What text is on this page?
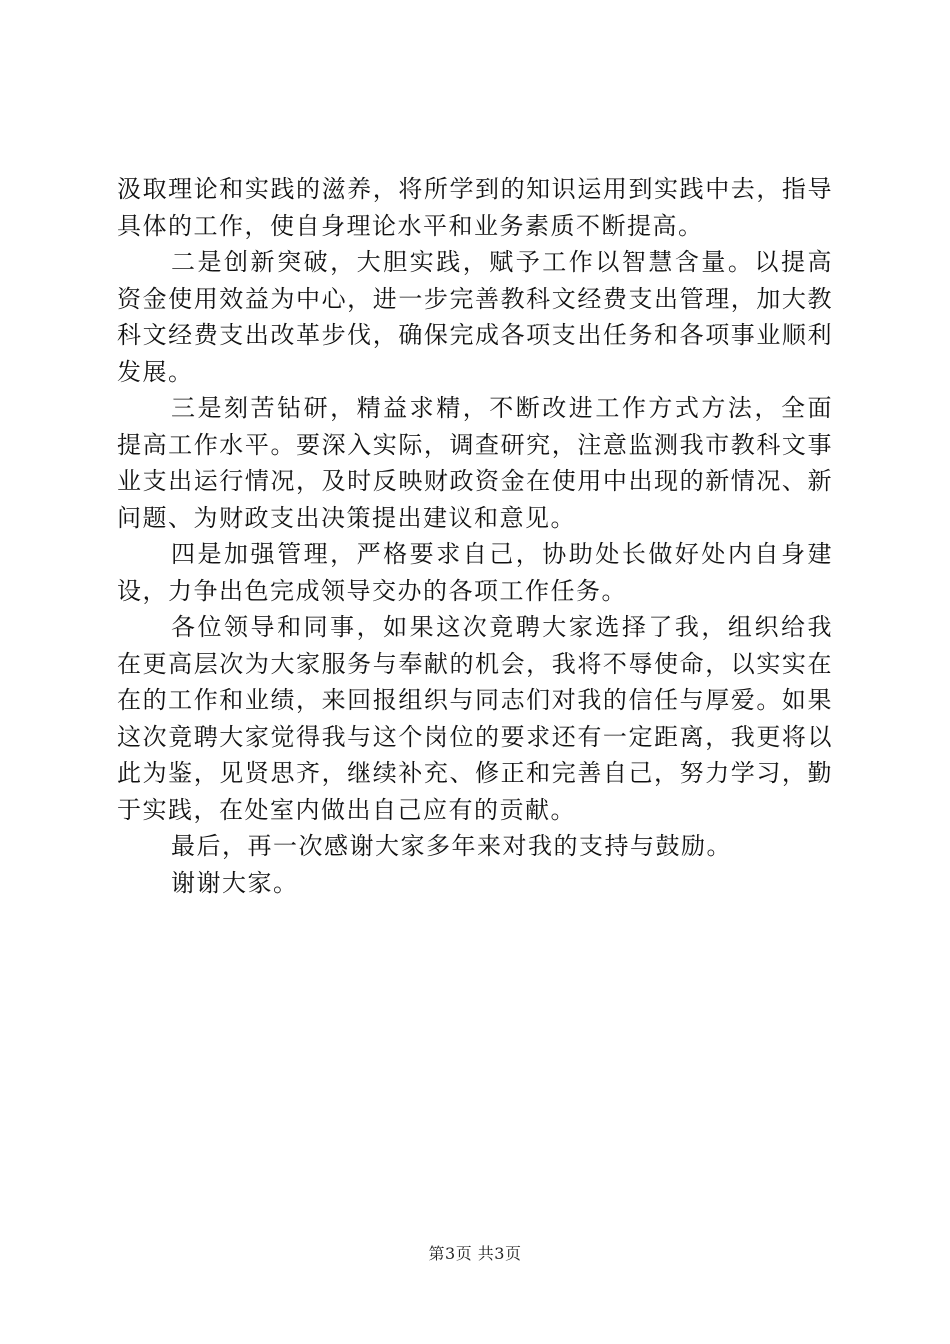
汲取理论和实践的滋养，将所学到的知识运用到实践中去，指导具体的工作，使自身理论水平和业务素质不断提高。

二是创新突破，大胆实践，赋予工作以智慧含量。以提高资金使用效益为中心，进一步完善教科文经费支出管理，加大教科文经费支出改革步伐，确保完成各项支出任务和各项事业顺利发展。

三是刻苦钻研，精益求精，不断改进工作方式方法，全面提高工作水平。要深入实际，调查研究，注意监测我市教科文事业支出运行情况，及时反映财政资金在使用中出现的新情况、新问题、为财政支出决策提出建议和意见。

四是加强管理，严格要求自己，协助处长做好处内自身建设，力争出色完成领导交办的各项工作任务。

各位领导和同事，如果这次竟聘大家选择了我，组织给我在更高层次为大家服务与奉献的机会，我将不辱使命，以实实在在的工作和业绩，来回报组织与同志们对我的信任与厚爱。如果这次竟聘大家觉得我与这个岗位的要求还有一定距离，我更将以此为鉴，见贤思齐，继续补充、修正和完善自己，努力学习，勤于实践，在处室内做出自己应有的贡献。

最后，再一次感谢大家多年来对我的支持与鼓励。

谢谢大家。

第3页 共3页
